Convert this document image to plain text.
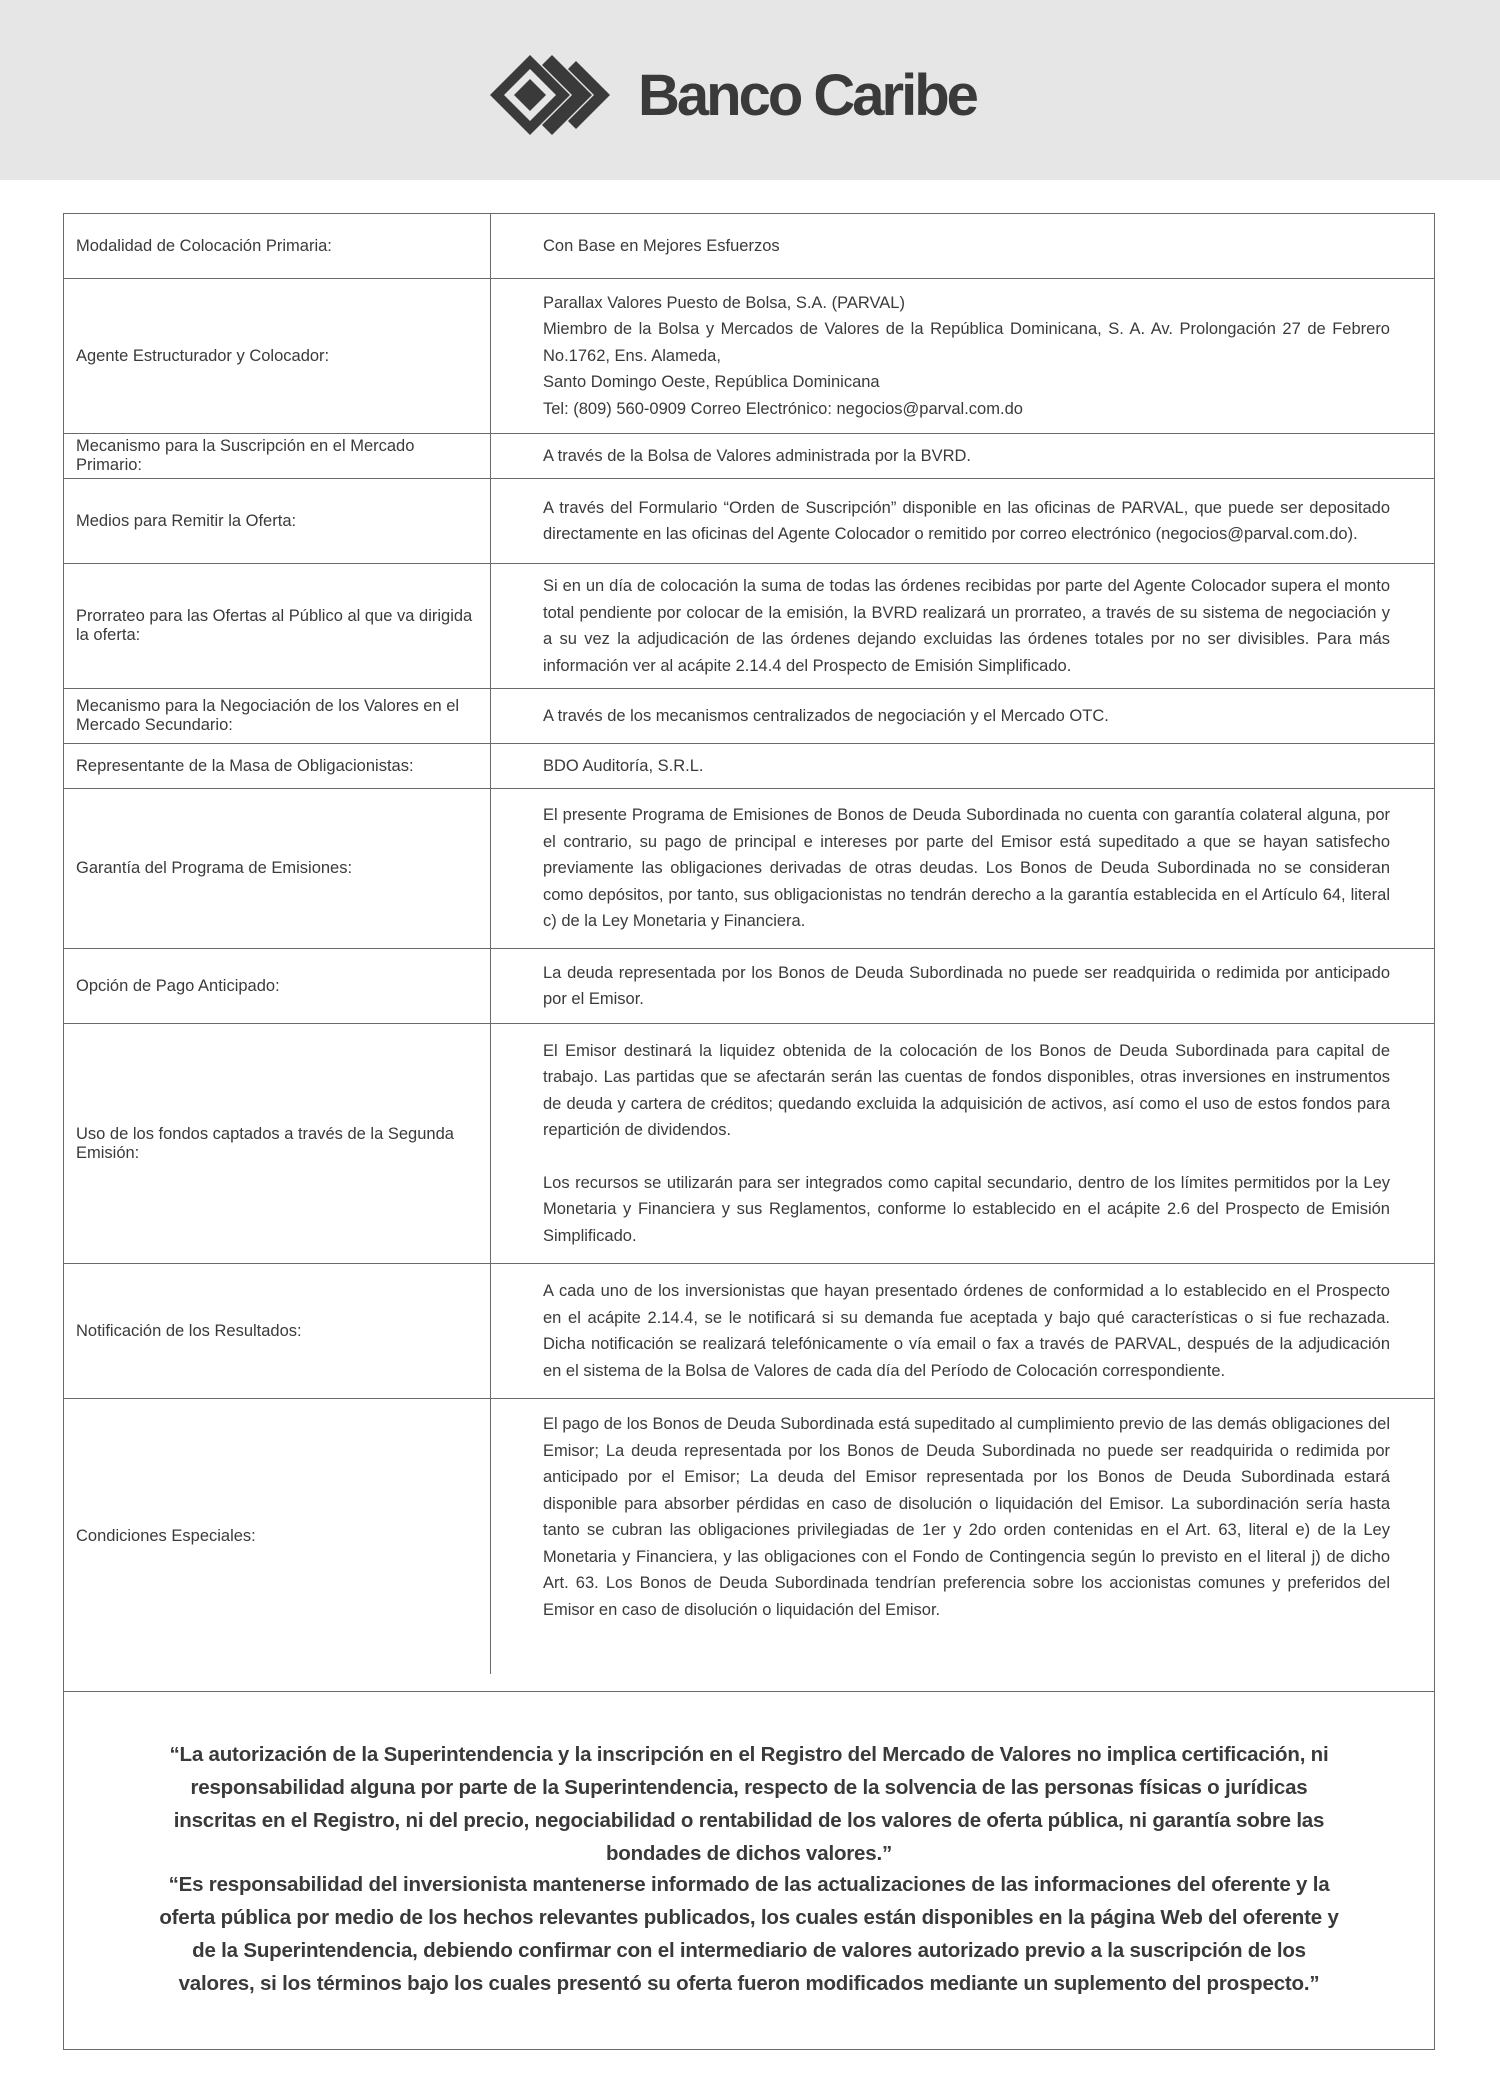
Banco Caribe
Modalidad de Colocación Primaria:	Con Base en Mejores Esfuerzos

Agente Estructurador y Colocador:	Parallax Valores Puesto de Bolsa, S.A. (PARVAL)
Miembro de la Bolsa y Mercados de Valores de la República Dominicana, S. A. Av. Prolongación 27 de Febrero No.1762, Ens. Alameda,
Santo Domingo Oeste, República Dominicana
Tel: (809) 560-0909 Correo Electrónico: negocios@parval.com.do

Mecanismo para la Suscripción en el Mercado Primario:	A través de la Bolsa de Valores administrada por la BVRD.

Medios para Remitir la Oferta:	A través del Formulario “Orden de Suscripción” disponible en las oficinas de PARVAL, que puede ser depositado directamente en las oficinas del Agente Colocador o remitido por correo electrónico (negocios@parval.com.do).

Prorrateo para las Ofertas al Público al que va dirigida la oferta:	Si en un día de colocación la suma de todas las órdenes recibidas por parte del Agente Colocador supera el monto total pendiente por colocar de la emisión, la BVRD realizará un prorrateo, a través de su sistema de negociación y a su vez la adjudicación de las órdenes dejando excluidas las órdenes totales por no ser divisibles. Para más información ver al acápite 2.14.4 del Prospecto de Emisión Simplificado.

Mecanismo para la Negociación de los Valores en el Mercado Secundario:	A través de los mecanismos centralizados de negociación y el Mercado OTC.

Representante de la Masa de Obligacionistas:	BDO Auditoría, S.R.L.

Garantía del Programa de Emisiones:	El presente Programa de Emisiones de Bonos de Deuda Subordinada no cuenta con garantía colateral alguna, por el contrario, su pago de principal e intereses por parte del Emisor está supeditado a que se hayan satisfecho previamente las obligaciones derivadas de otras deudas. Los Bonos de Deuda Subordinada no se consideran como depósitos, por tanto, sus obligacionistas no tendrán derecho a la garantía establecida en el Artículo 64, literal c) de la Ley Monetaria y Financiera.

Opción de Pago Anticipado:	La deuda representada por los Bonos de Deuda Subordinada no puede ser readquirida o redimida por anticipado por el Emisor.

Uso de los fondos captados a través de la Segunda Emisión:	El Emisor destinará la liquidez obtenida de la colocación de los Bonos de Deuda Subordinada para capital de trabajo. Las partidas que se afectarán serán las cuentas de fondos disponibles, otras inversiones en instrumentos de deuda y cartera de créditos; quedando excluida la adquisición de activos, así como el uso de estos fondos para repartición de dividendos.

Los recursos se utilizarán para ser integrados como capital secundario, dentro de los límites permitidos por la Ley Monetaria y Financiera y sus Reglamentos, conforme lo establecido en el acápite 2.6 del Prospecto de Emisión Simplificado.

Notificación de los Resultados:	A cada uno de los inversionistas que hayan presentado órdenes de conformidad a lo establecido en el Prospecto en el acápite 2.14.4, se le notificará si su demanda fue aceptada y bajo qué características o si fue rechazada. Dicha notificación se realizará telefónicamente o vía email o fax a través de PARVAL, después de la adjudicación en el sistema de la Bolsa de Valores de cada día del Período de Colocación correspondiente.

Condiciones Especiales:	El pago de los Bonos de Deuda Subordinada está supeditado al cumplimiento previo de las demás obligaciones del Emisor; La deuda representada por los Bonos de Deuda Subordinada no puede ser readquirida o redimida por anticipado por el Emisor; La deuda del Emisor representada por los Bonos de Deuda Subordinada estará disponible para absorber pérdidas en caso de disolución o liquidación del Emisor. La subordinación sería hasta tanto se cubran las obligaciones privilegiadas de 1er y 2do orden contenidas en el Art. 63, literal e) de la Ley Monetaria y Financiera, y las obligaciones con el Fondo de Contingencia según lo previsto en el literal j) de dicho Art. 63. Los Bonos de Deuda Subordinada tendrían preferencia sobre los accionistas comunes y preferidos del Emisor en caso de disolución o liquidación del Emisor.

“La autorización de la Superintendencia y la inscripción en el Registro del Mercado de Valores no implica certificación, ni responsabilidad alguna por parte de la Superintendencia, respecto de la solvencia de las personas físicas o jurídicas inscritas en el Registro, ni del precio, negociabilidad o rentabilidad de los valores de oferta pública, ni garantía sobre las bondades de dichos valores.”

“Es responsabilidad del inversionista mantenerse informado de las actualizaciones de las informaciones del oferente y la oferta pública por medio de los hechos relevantes publicados, los cuales están disponibles en la página Web del oferente y de la Superintendencia, debiendo confirmar con el intermediario de valores autorizado previo a la suscripción de los valores, si los términos bajo los cuales presentó su oferta fueron modificados mediante un suplemento del prospecto.”
